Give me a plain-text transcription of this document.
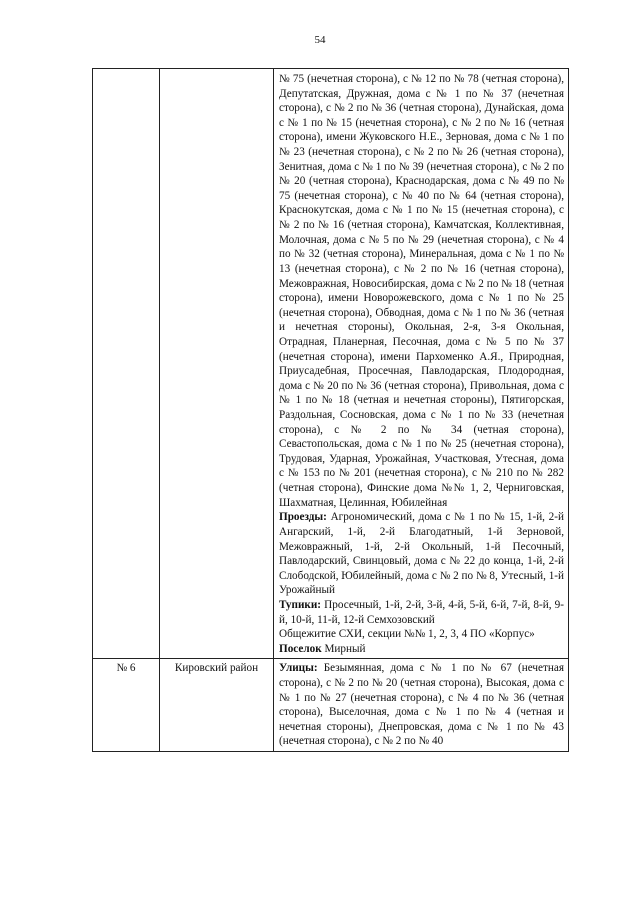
54

		№ 75 (нечетная сторона), с № 12 по № 78 (четная сторона), Депутатская, Дружная, дома с № 1 по № 37 (нечетная сторона), с № 2 по № 36 (четная сторона), Дунайская, дома с № 1 по № 15 (нечетная сторона), с № 2 по № 16 (четная сторона), имени Жуковского Н.Е., Зерновая, дома с № 1 по № 23 (нечетная сторона), с № 2 по № 26 (четная сторона), Зенитная, дома с № 1 по № 39 (нечетная сторона), с № 2 по № 20 (четная сторона), Краснодарская, дома с № 49 по № 75 (нечетная сторона), с № 40 по № 64 (четная сторона), Краснокутская, дома с № 1 по № 15 (нечетная сторона), с № 2 по № 16 (четная сторона), Камчатская, Коллективная, Молочная, дома с № 5 по № 29 (нечетная сторона), с № 4 по № 32 (четная сторона), Минеральная, дома с № 1 по № 13 (нечетная сторона), с № 2 по № 16 (четная сторона), Межовражная, Новосибирская, дома с № 2 по № 18 (четная сторона), имени Новорожевского, дома с № 1 по № 25 (нечетная сторона), Обводная, дома с № 1 по № 36 (четная и нечетная стороны), Окольная, 2-я, 3-я Окольная, Отрадная, Планерная, Песочная, дома с № 5 по № 37 (нечетная сторона), имени Пархоменко А.Я., Природная, Приусадебная, Просечная, Павлодарская, Плодородная, дома с № 20 по № 36 (четная сторона), Привольная, дома с № 1 по № 18 (четная и нечетная стороны), Пятигорская, Раздольная, Сосновская, дома с № 1 по № 33 (нечетная сторона), с № 2 по № 34 (четная сторона), Севастопольская, дома с № 1 по № 25 (нечетная сторона), Трудовая, Ударная, Урожайная, Участковая, Утесная, дома с № 153 по № 201 (нечетная сторона), с № 210 по № 282 (четная сторона), Финские дома №№ 1, 2, Черниговская, Шахматная, Целинная, Юбилейная

Проезды: Агрономический, дома с № 1 по № 15, 1-й, 2-й Ангарский, 1-й, 2-й Благодатный, 1-й Зерновой, Межовражный, 1-й, 2-й Окольный, 1-й Песочный, Павлодарский, Свинцовый, дома с № 22 до конца, 1-й, 2-й Слободской, Юбилейный, дома с № 2 по № 8, Утесный, 1-й Урожайный

Тупики: Просечный, 1-й, 2-й, 3-й, 4-й, 5-й, 6-й, 7-й, 8-й, 9-й, 10-й, 11-й, 12-й Семхозовский

Общежитие СХИ, секции №№ 1, 2, 3, 4 ПО «Корпус»

Поселок Мирный

№ 6	Кировский район	Улицы: Безымянная, дома с № 1 по № 67 (нечетная сторона), с № 2 по № 20 (четная сторона), Высокая, дома с № 1 по № 27 (нечетная сторона), с № 4 по № 36 (четная сторона), Выселочная, дома с № 1 по № 4 (четная и нечетная стороны), Днепровская, дома с № 1 по № 43 (нечетная сторона), с № 2 по № 40
